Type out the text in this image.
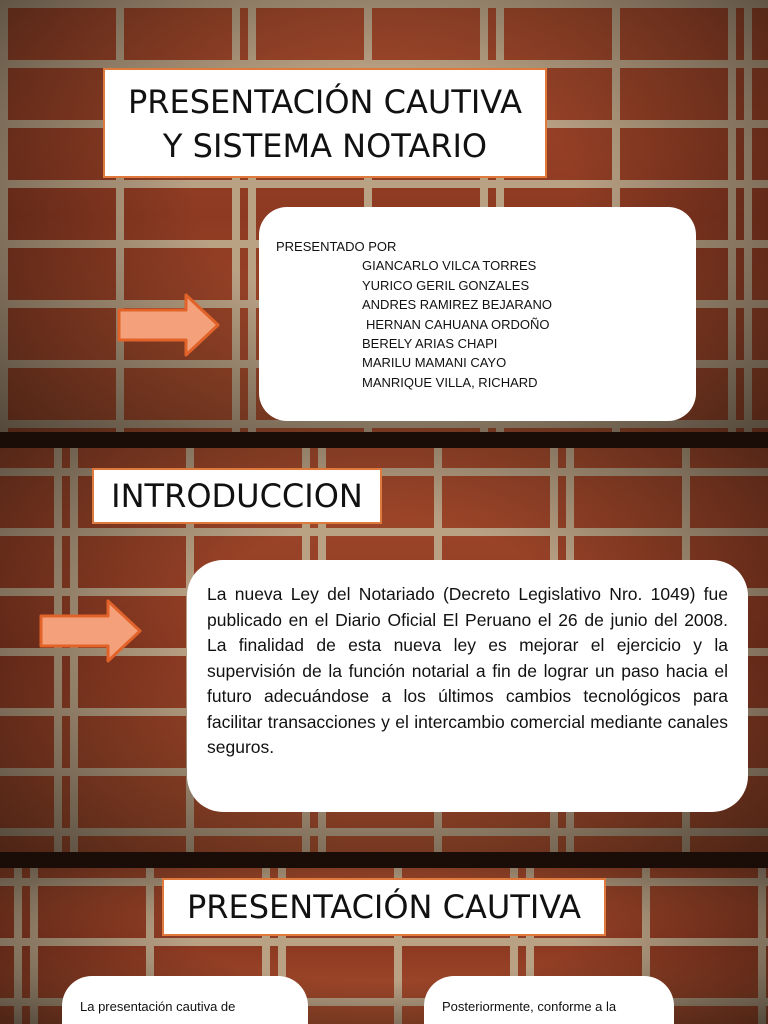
PRESENTACIÓN CAUTIVA
Y SISTEMA NOTARIO
PRESENTADO POR
GIANCARLO VILCA TORRES
YURICO GERIL GONZALES
ANDRES RAMIREZ BEJARANO
HERNAN CAHUANA ORDOÑO
BERELY ARIAS CHAPI
MARILU MAMANI CAYO
MANRIQUE VILLA, RICHARD
INTRODUCCION
La nueva Ley del Notariado (Decreto Legislativo Nro. 1049) fue publicado en el Diario Oficial El Peruano el 26 de junio del 2008. La finalidad de esta nueva ley es mejorar el ejercicio y la supervisión de la función notarial a fin de lograr un paso hacia el futuro adecuándose a los últimos cambios tecnológicos para facilitar transacciones y el intercambio comercial mediante canales seguros.
PRESENTACIÓN CAUTIVA
La presentación cautiva de	Posteriormente, conforme a la
